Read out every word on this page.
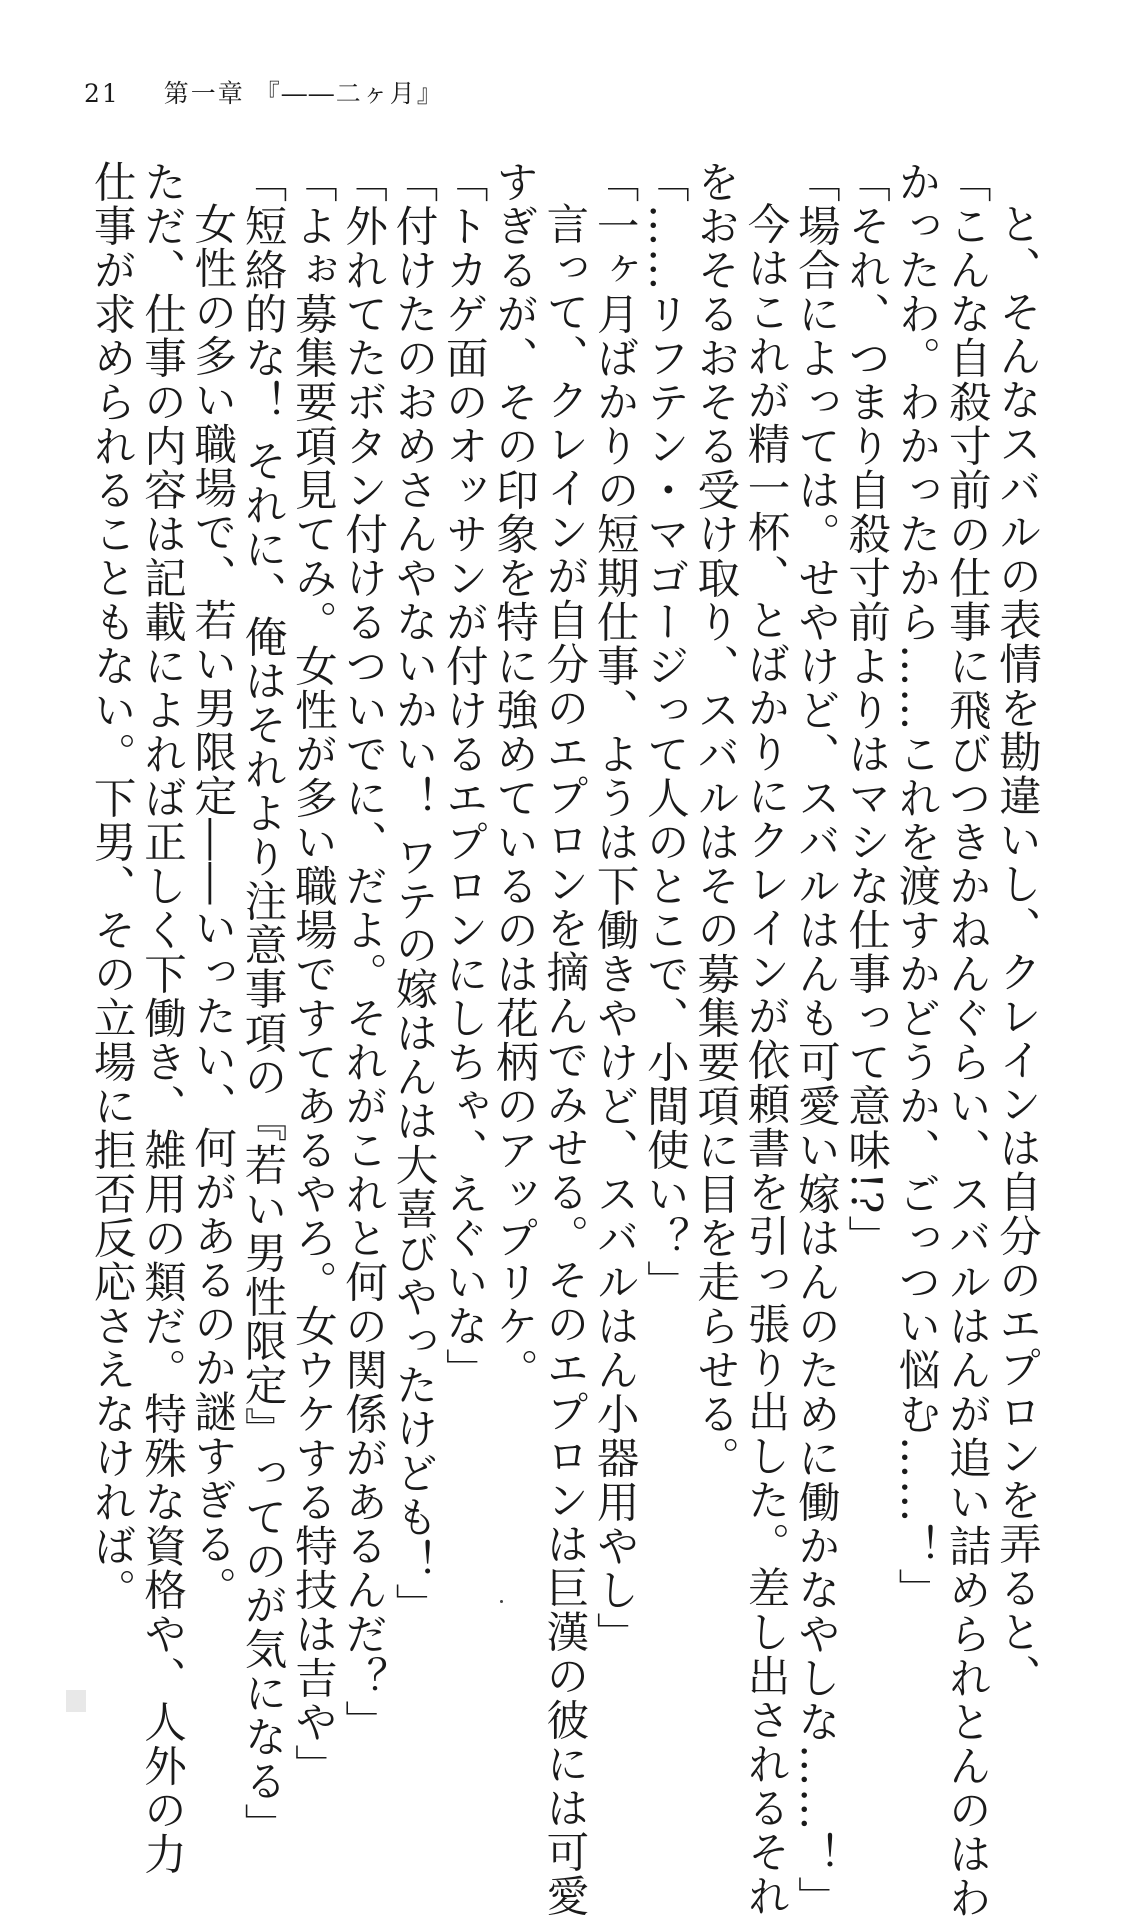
21 第一章 『――二ヶ月』
と、そんなスバルの表情を勘違いし、クレインは自分のエプロンを弄ると、
「こんな自殺寸前の仕事に飛びつきかねんぐらい、スバルはんが追い詰められとんのはわ
かったわ。わかったから……これを渡すかどうか、ごっつい悩む……！」
「それ、つまり自殺寸前よりはマシな仕事って意味!?」
「場合によっては。せやけど、スバルはんも可愛い嫁はんのために働かなやしな……！」
今はこれが精一杯、とばかりにクレインが依頼書を引っ張り出した。差し出されるそれ
をおそるおそる受け取り、スバルはその募集要項に目を走らせる。
「……リフテン・マゴージって人のとこで、小間使い？」
「一ヶ月ばかりの短期仕事、ようは下働きやけど、スバルはん小器用やし」
言って、クレインが自分のエプロンを摘んでみせる。そのエプロンは巨漢の彼には可愛
すぎるが、その印象を特に強めているのは花柄のアップリケ。
「トカゲ面のオッサンが付けるエプロンにしちゃ、えぐいな」
「付けたのおめさんやないかい！ ワテの嫁はんは大喜びやったけども！」
「外れてたボタン付けるついでに、だよ。それがこれと何の関係があるんだ？」
「よぉ募集要項見てみ。女性が多い職場ですてあるやろ。女ウケする特技は吉や」
「短絡的な！ それに、俺はそれより注意事項の『若い男性限定』ってのが気になる」
女性の多い職場で、若い男限定――いったい、何があるのか謎すぎる。
ただ、仕事の内容は記載によれば正しく下働き、雑用の類だ。特殊な資格や、人外の力
仕事が求められることもない。下男、その立場に拒否反応さえなければ。
